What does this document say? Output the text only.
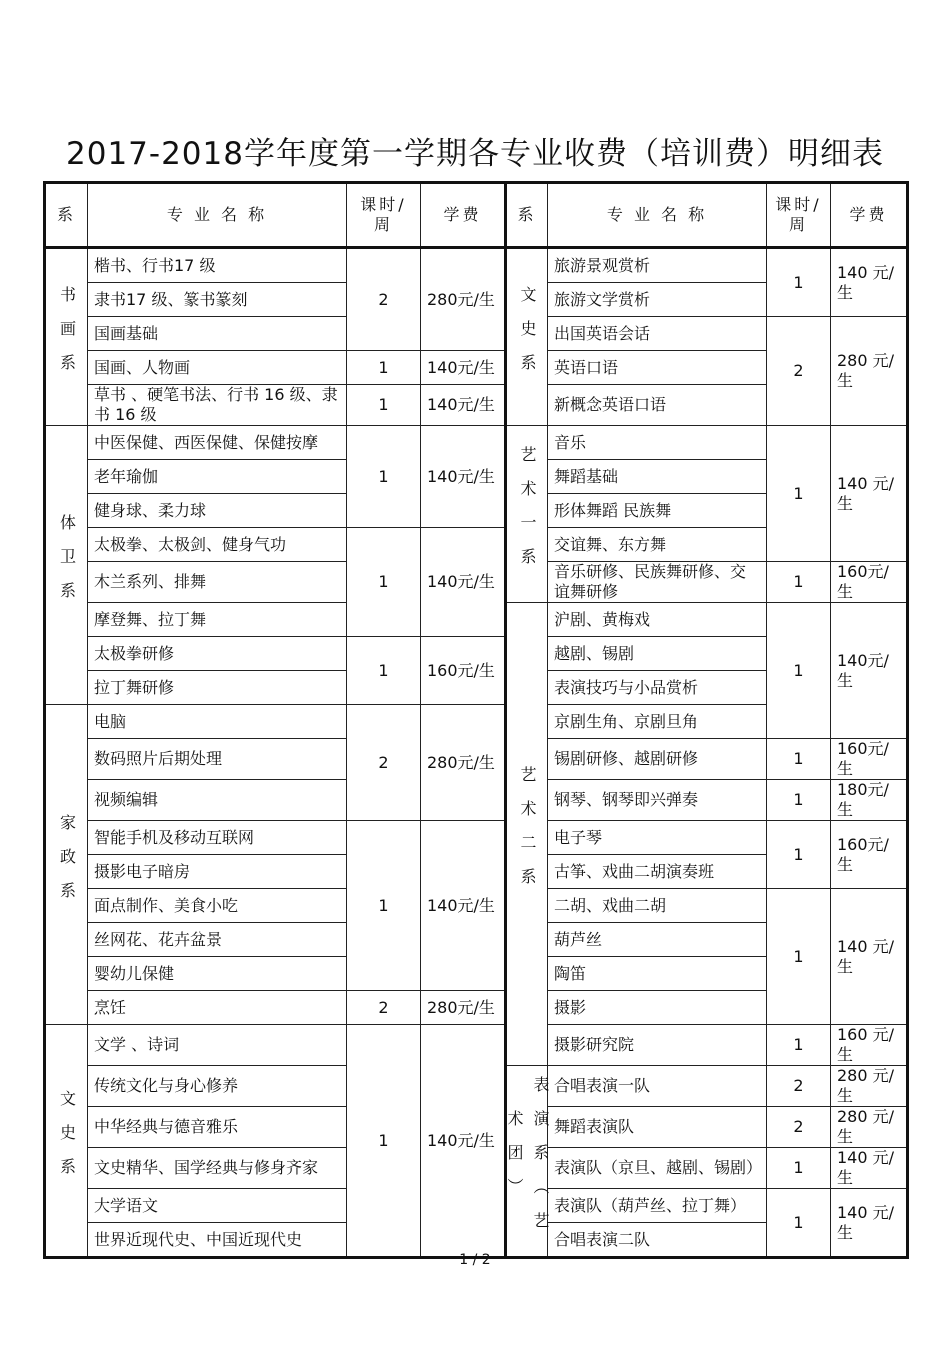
2017-2018学年度第一学期各专业收费（培训费）明细表
系	专 业 名 称	课时/周	学费	系	专 业 名 称	课时/周	学费
书画系	楷书、行书17 级	2	280元/生	文史系	旅游景观赏析	1	140 元/生
	隶书17 级、篆书篆刻				旅游文学赏析		
	国画基础				出国英语会话	2	280 元/生
	国画、人物画	1	140元/生		英语口语		
	草书 、硬笔书法、行书 16 级、隶书 16 级	1	140元/生		新概念英语口语		
体卫系	中医保健、西医保健、保健按摩	1	140元/生	艺术一系	音乐	1	140 元/生
	老年瑜伽				舞蹈基础		
	健身球、柔力球				形体舞蹈 民族舞		
	太极拳、太极剑、健身气功	1	140元/生		交谊舞、东方舞		
	木兰系列、排舞				音乐研修、民族舞研修、交谊舞研修	1	160元/生
	摩登舞、拉丁舞			艺术二系	沪剧、黄梅戏	1	140元/生
	太极拳研修	1	160元/生		越剧、锡剧		
	拉丁舞研修				表演技巧与小品赏析		
家政系	电脑	2	280元/生		京剧生角、京剧旦角		
	数码照片后期处理				锡剧研修、越剧研修	1	160元/生
	视频编辑				钢琴、钢琴即兴弹奏	1	180元/生
	智能手机及移动互联网	1	140元/生		电子琴	1	160元/生
	摄影电子暗房				古筝、戏曲二胡演奏班		
	面点制作、美食小吃				二胡、戏曲二胡	1	140 元/生
	丝网花、花卉盆景				葫芦丝		
	婴幼儿保健				陶笛		
	烹饪	2	280元/生		摄影		
文史系	文学 、诗词	1	140元/生		摄影研究院	1	160 元/生
	传统文化与身心修养			表演系（艺术团）	合唱表演一队	2	280 元/生
	中华经典与德音雅乐				舞蹈表演队	2	280 元/生
	文史精华、国学经典与修身齐家				表演队（京旦、越剧、锡剧）	1	140 元/生
	大学语文				表演队（葫芦丝、拉丁舞）	1	140 元/生
	世界近现代史、中国近现代史				合唱表演二队		
1 / 2
